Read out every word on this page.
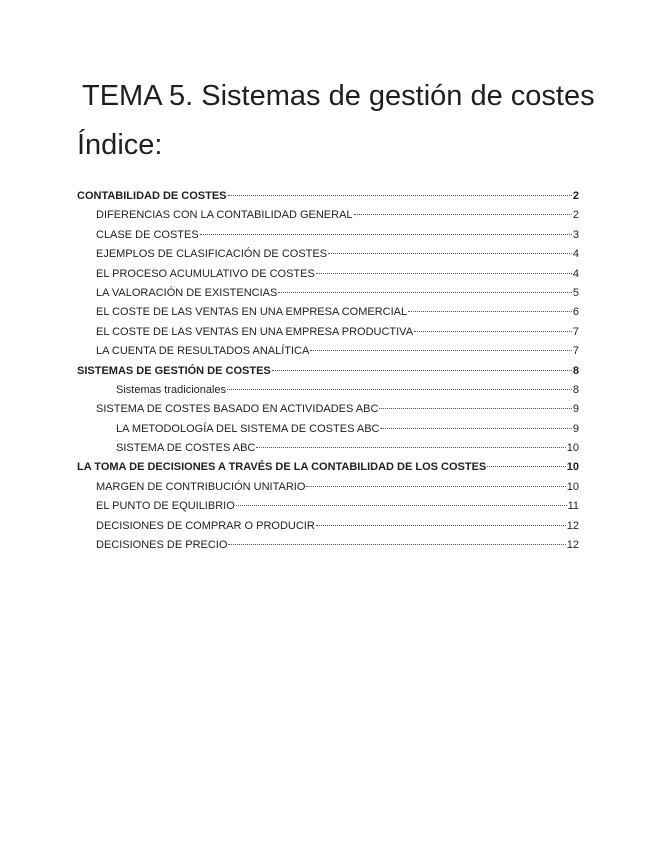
TEMA 5. Sistemas de gestión de costes
Índice:
CONTABILIDAD DE COSTES	2
DIFERENCIAS CON LA CONTABILIDAD GENERAL	2
CLASE DE COSTES	3
EJEMPLOS DE CLASIFICACIÓN DE COSTES	4
EL PROCESO ACUMULATIVO DE COSTES	4
LA VALORACIÓN DE EXISTENCIAS	5
EL COSTE DE LAS VENTAS EN UNA EMPRESA COMERCIAL	6
EL COSTE DE LAS VENTAS EN UNA EMPRESA PRODUCTIVA	7
LA CUENTA DE RESULTADOS ANALÍTICA	7
SISTEMAS DE GESTIÓN DE COSTES	8
Sistemas tradicionales	8
SISTEMA DE COSTES BASADO EN ACTIVIDADES ABC	9
LA METODOLOGÍA DEL SISTEMA DE COSTES ABC	9
SISTEMA DE COSTES ABC	10
LA TOMA DE DECISIONES A TRAVÉS DE LA CONTABILIDAD DE LOS COSTES	10
MARGEN DE CONTRIBUCIÓN UNITARIO	10
EL PUNTO DE EQUILIBRIO	11
DECISIONES DE COMPRAR O PRODUCIR	12
DECISIONES DE PRECIO	12
